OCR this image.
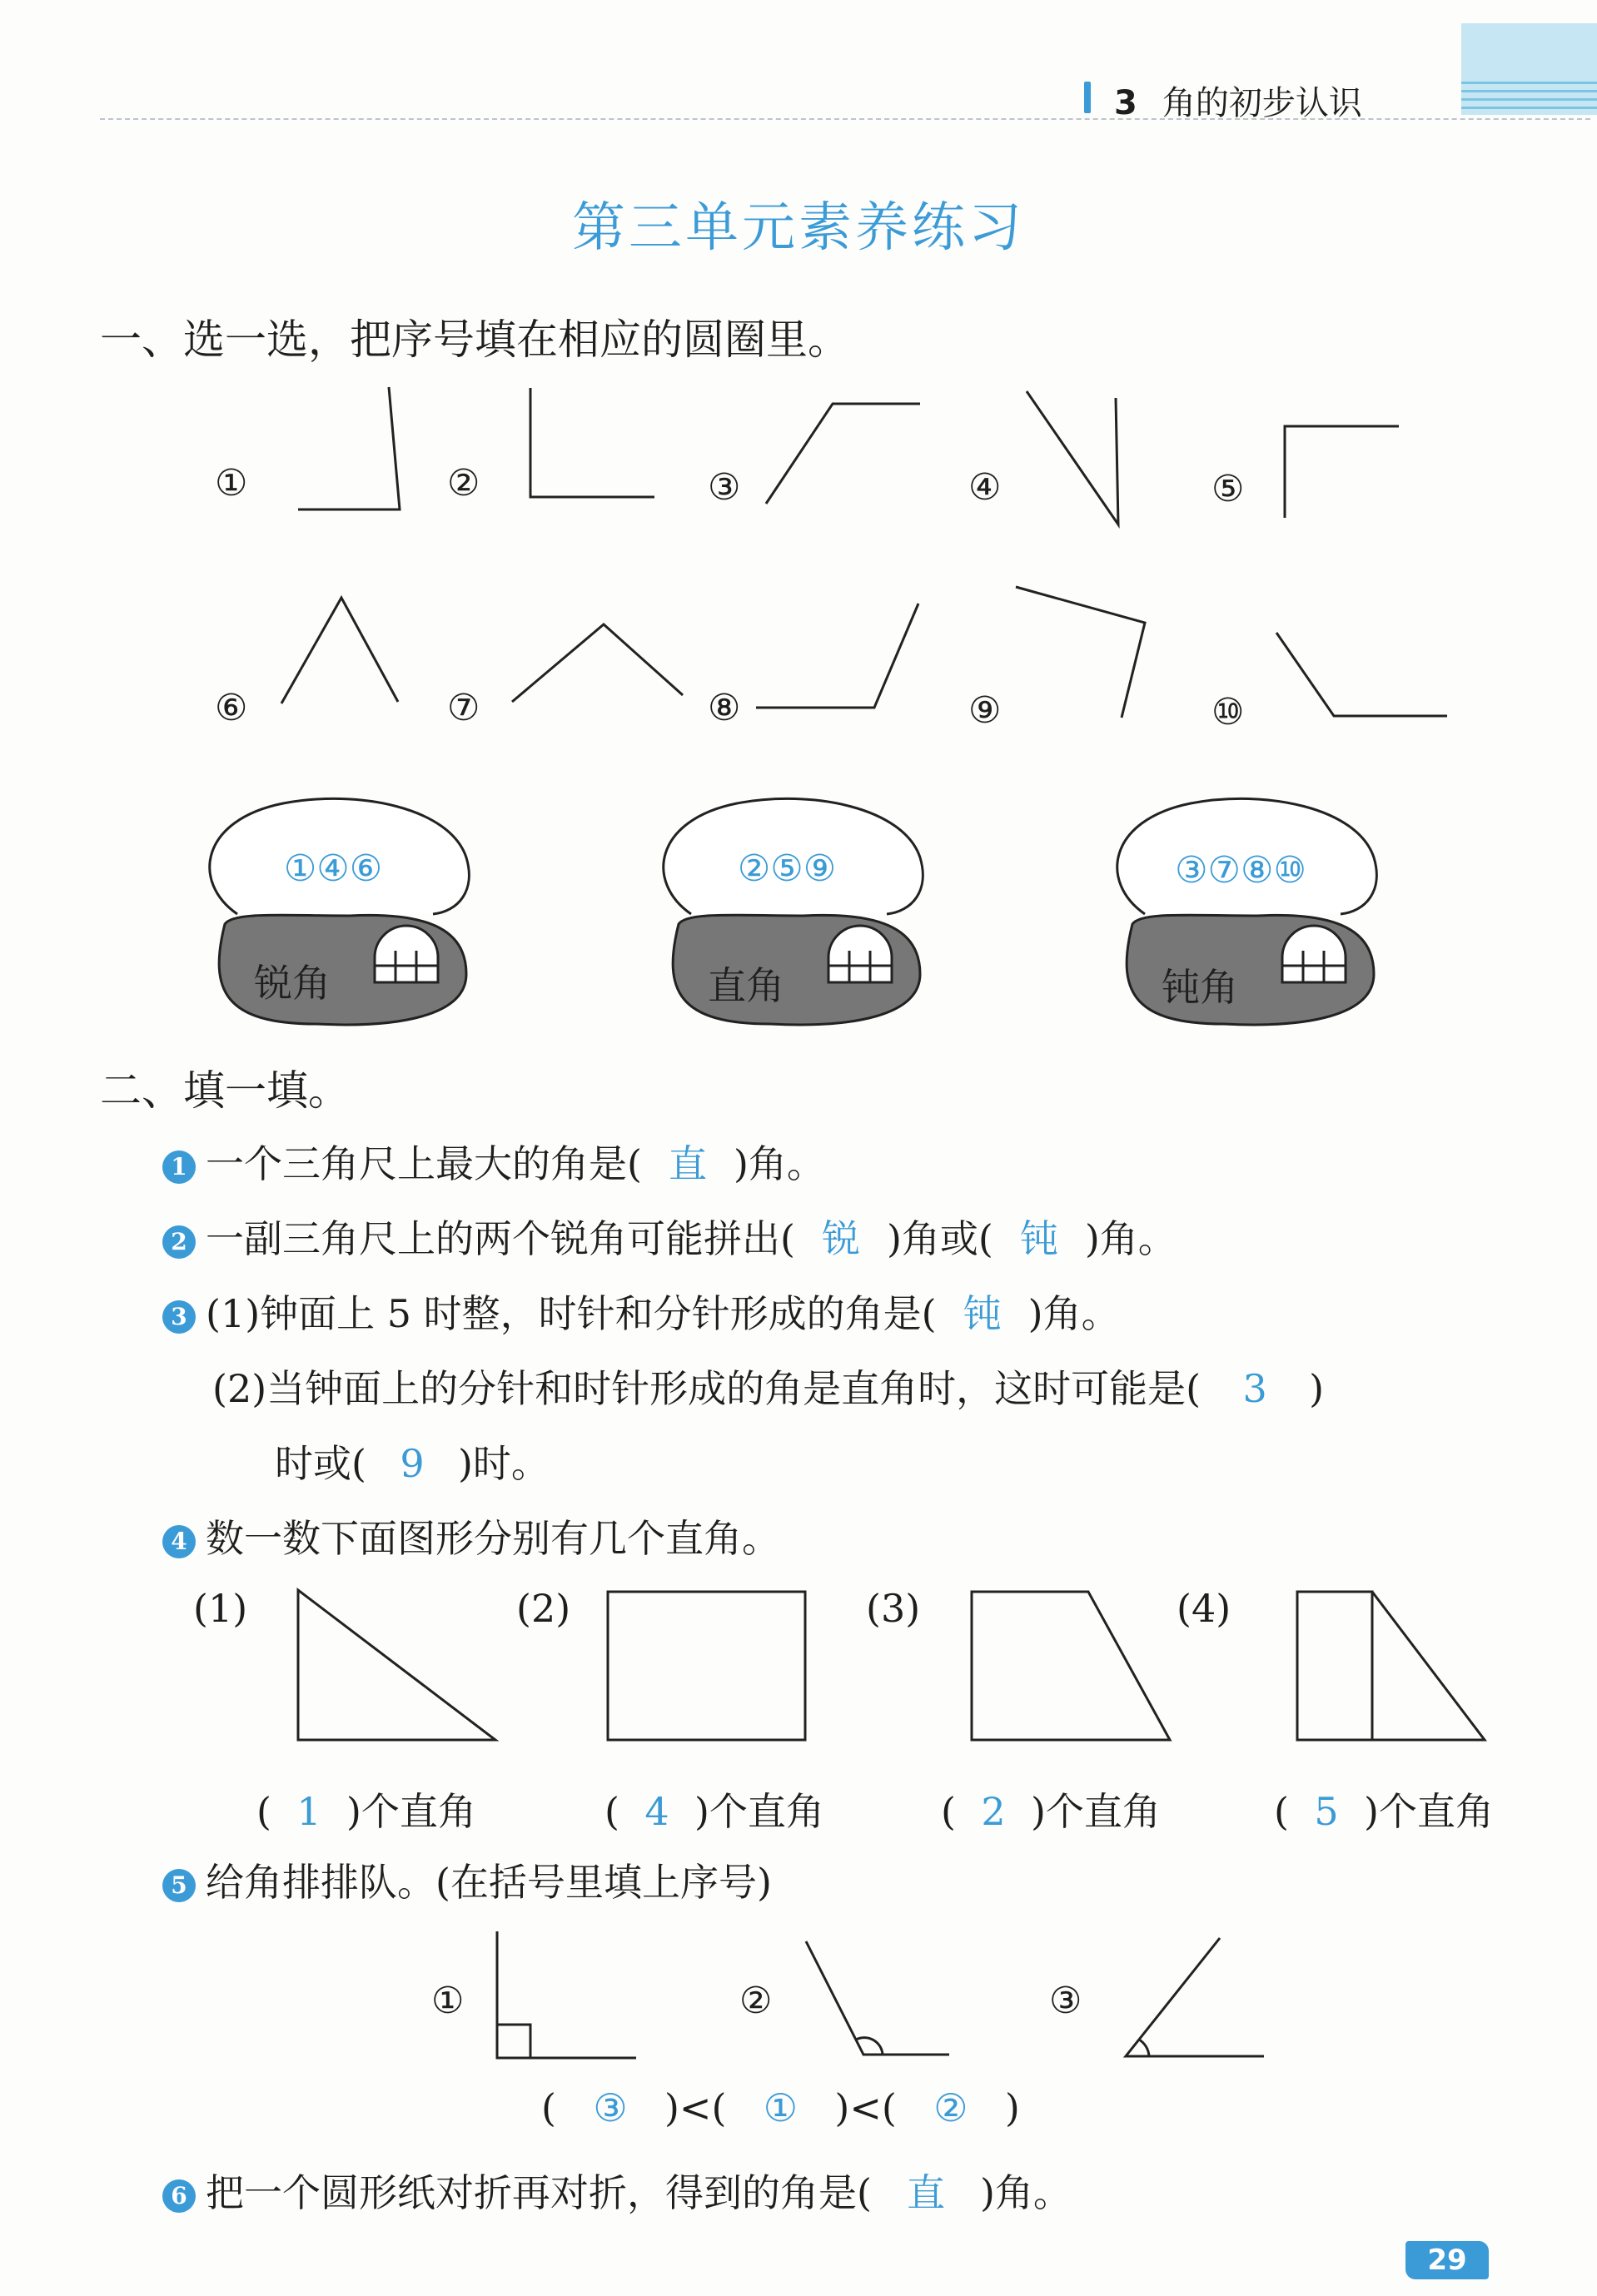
3 角的初步认识
第三单元素养练习
一、选一选，把序号填在相应的圆圈里。
①	②	③	④	⑤
⑥	⑦	⑧	⑨	⑩
①④⑥
锐角
②⑤⑨
直角
③⑦⑧⑩
钝角
二、填一填。
1 一个三角尺上最大的角是( 直 )角。
2 一副三角尺上的两个锐角可能拼出( 锐 )角或( 钝 )角。
3 (1)钟面上 5 时整，时针和分针形成的角是( 钝 )角。
(2)当钟面上的分针和时针形成的角是直角时，这时可能是( 3 )
时或( 9 )时。
4 数一数下面图形分别有几个直角。
(1)	(2)	(3)	(4)
( 1 )个直角	( 4 )个直角	( 2 )个直角	( 5 )个直角
5 给角排排队。(在括号里填上序号)
①	②	③
( ③ )<( ① )<( ② )
6 把一个圆形纸对折再对折，得到的角是( 直 )角。
29
